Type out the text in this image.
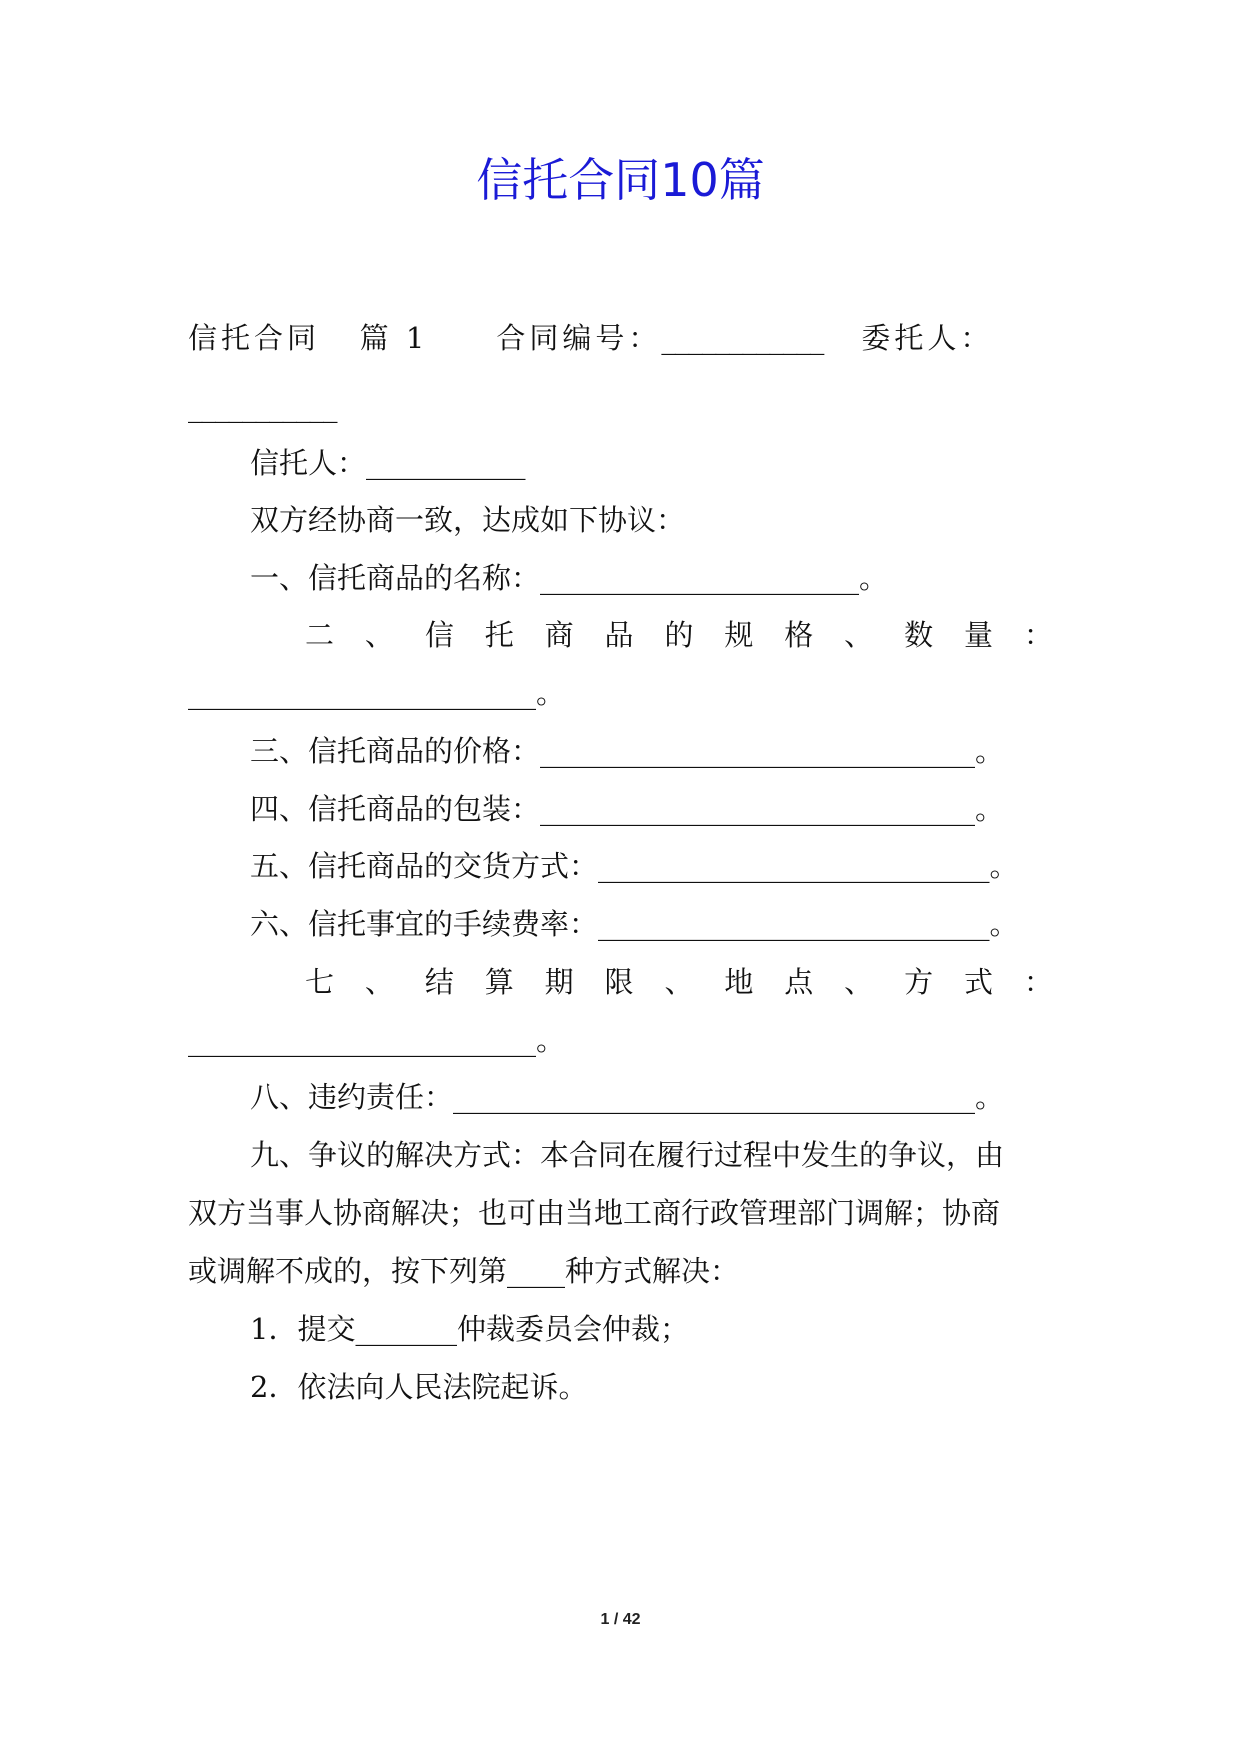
信托合同10篇
信托合同 篇 1 合同编号：____________ 委托人：
___________
信托人：___________
双方经协商一致，达成如下协议：
一、信托商品的名称：______________________。
二 、 信 托 商 品 的 规 格 、 数 量 ：
________________________。
三、信托商品的价格：______________________________。
四、信托商品的包装：______________________________。
五、信托商品的交货方式：___________________________。
六、信托事宜的手续费率：___________________________。
七 、 结 算 期 限 、 地 点 、 方 式 ：
________________________。
八、违约责任：____________________________________。
九、争议的解决方式：本合同在履行过程中发生的争议，由
双方当事人协商解决；也可由当地工商行政管理部门调解；协商
或调解不成的，按下列第____种方式解决：
1．提交_______仲裁委员会仲裁；
2．依法向人民法院起诉。
1 / 42
